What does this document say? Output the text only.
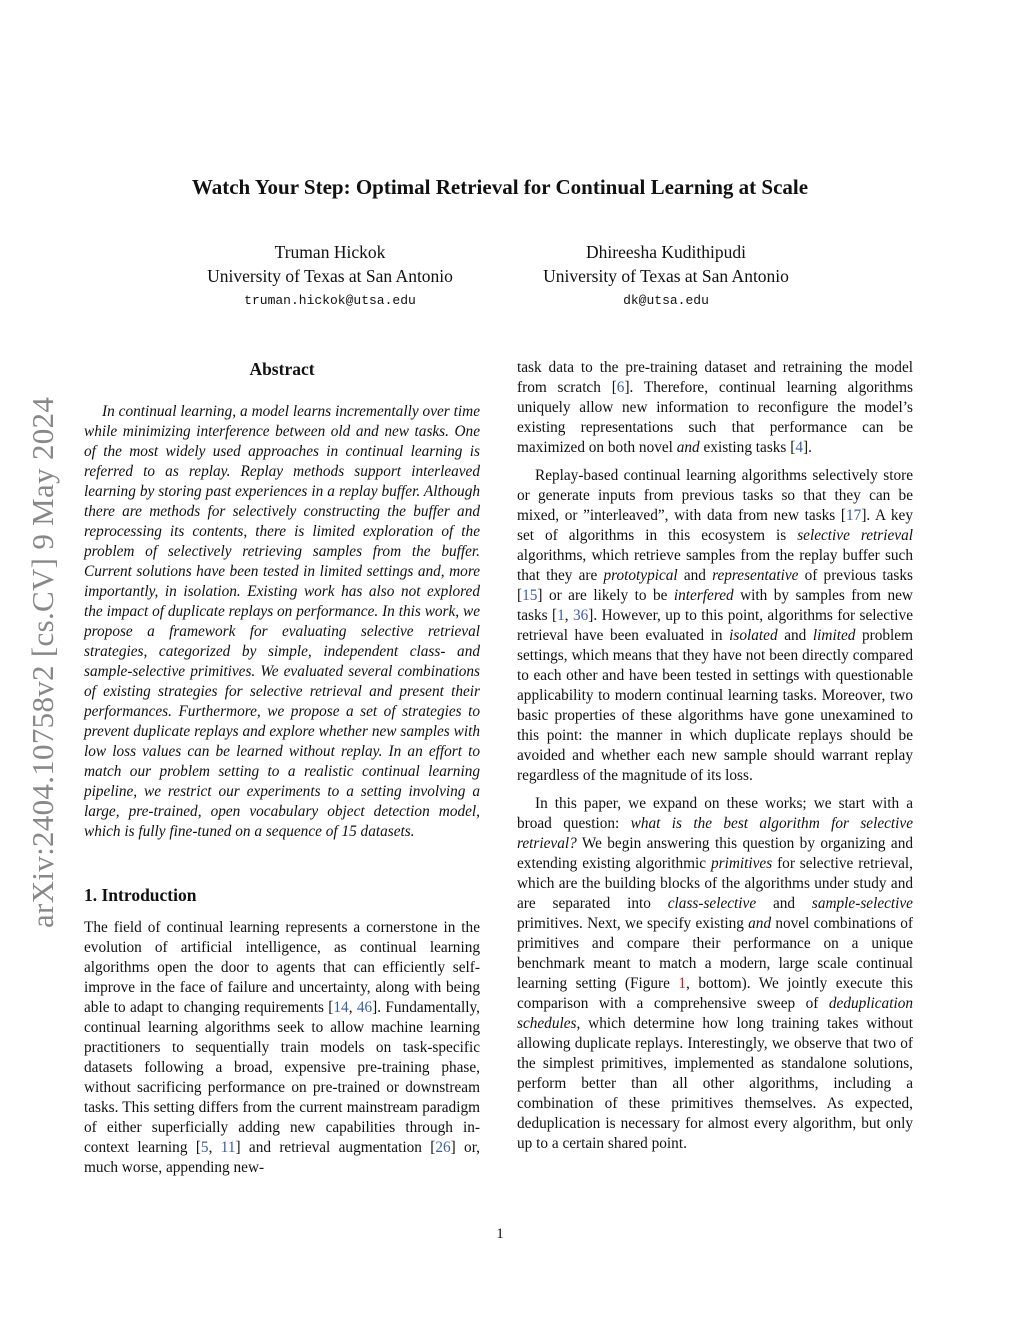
Watch Your Step: Optimal Retrieval for Continual Learning at Scale
Truman Hickok
University of Texas at San Antonio
truman.hickok@utsa.edu
Dhireesha Kudithipudi
University of Texas at San Antonio
dk@utsa.edu
arXiv:2404.10758v2 [cs.CV] 9 May 2024
Abstract

In continual learning, a model learns incrementally over time while minimizing interference between old and new tasks. One of the most widely used approaches in continual learning is referred to as replay. Replay methods support interleaved learning by storing past experiences in a replay buffer. Although there are methods for selectively constructing the buffer and reprocessing its contents, there is limited exploration of the problem of selectively retrieving samples from the buffer. Current solutions have been tested in limited settings and, more importantly, in isolation. Existing work has also not explored the impact of duplicate replays on performance. In this work, we propose a framework for evaluating selective retrieval strategies, categorized by simple, independent class- and sample-selective primitives. We evaluated several combinations of existing strategies for selective retrieval and present their performances. Furthermore, we propose a set of strategies to prevent duplicate replays and explore whether new samples with low loss values can be learned without replay. In an effort to match our problem setting to a realistic continual learning pipeline, we restrict our experiments to a setting involving a large, pre-trained, open vocabulary object detection model, which is fully fine-tuned on a sequence of 15 datasets.

1. Introduction

The field of continual learning represents a cornerstone in the evolution of artificial intelligence, as continual learning algorithms open the door to agents that can efficiently self-improve in the face of failure and uncertainty, along with being able to adapt to changing requirements [14, 46]. Fundamentally, continual learning algorithms seek to allow machine learning practitioners to sequentially train models on task-specific datasets following a broad, expensive pre-training phase, without sacrificing performance on pre-trained or downstream tasks. This setting differs from the current mainstream paradigm of either superficially adding new capabilities through in-context learning [5, 11] and retrieval augmentation [26] or, much worse, appending new-

task data to the pre-training dataset and retraining the model from scratch [6]. Therefore, continual learning algorithms uniquely allow new information to reconfigure the model’s existing representations such that performance can be maximized on both novel and existing tasks [4].

Replay-based continual learning algorithms selectively store or generate inputs from previous tasks so that they can be mixed, or ”interleaved”, with data from new tasks [17]. A key set of algorithms in this ecosystem is selective retrieval algorithms, which retrieve samples from the replay buffer such that they are prototypical and representative of previous tasks [15] or are likely to be interfered with by samples from new tasks [1, 36]. However, up to this point, algorithms for selective retrieval have been evaluated in isolated and limited problem settings, which means that they have not been directly compared to each other and have been tested in settings with questionable applicability to modern continual learning tasks. Moreover, two basic properties of these algorithms have gone unexamined to this point: the manner in which duplicate replays should be avoided and whether each new sample should warrant replay regardless of the magnitude of its loss.

In this paper, we expand on these works; we start with a broad question: what is the best algorithm for selective retrieval? We begin answering this question by organizing and extending existing algorithmic primitives for selective retrieval, which are the building blocks of the algorithms under study and are separated into class-selective and sample-selective primitives. Next, we specify existing and novel combinations of primitives and compare their performance on a unique benchmark meant to match a modern, large scale continual learning setting (Figure 1, bottom). We jointly execute this comparison with a comprehensive sweep of deduplication schedules, which determine how long training takes without allowing duplicate replays. Interestingly, we observe that two of the simplest primitives, implemented as standalone solutions, perform better than all other algorithms, including a combination of these primitives themselves. As expected, deduplication is necessary for almost every algorithm, but only up to a certain shared point.

1
